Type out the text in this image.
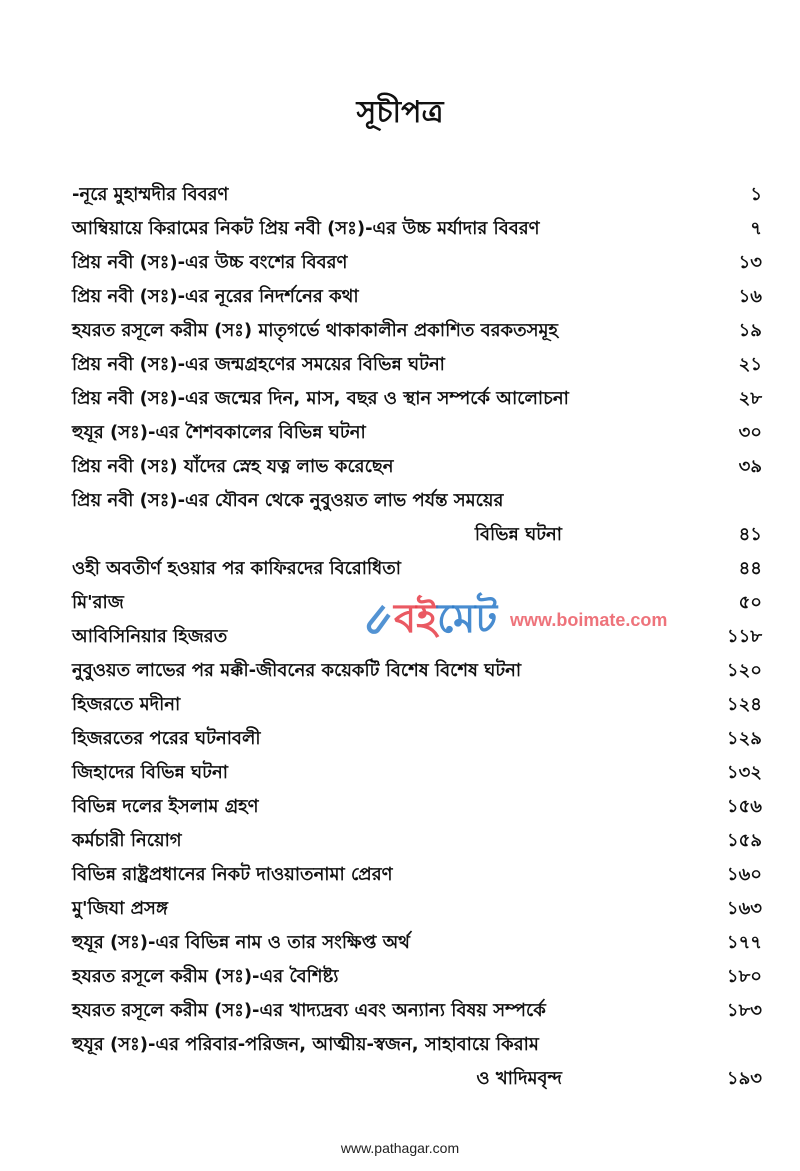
সূচীপত্র
-নূরে মুহাম্মদীর বিবরণ	১
আম্বিয়ায়ে কিরামের নিকট প্রিয় নবী (সঃ)-এর উচ্চ মর্যাদার বিবরণ	৭
প্রিয় নবী (সঃ)-এর উচ্চ বংশের বিবরণ	১৩
প্রিয় নবী (সঃ)-এর নূরের নিদর্শনের কথা	১৬
হযরত রসূলে করীম (সঃ) মাতৃগর্ভে থাকাকালীন প্রকাশিত বরকতসমূহ	১৯
প্রিয় নবী (সঃ)-এর জন্মগ্রহণের সময়ের বিভিন্ন ঘটনা	২১
প্রিয় নবী (সঃ)-এর জন্মের দিন, মাস, বছর ও স্থান সম্পর্কে আলোচনা	২৮
হুযূর (সঃ)-এর শৈশবকালের বিভিন্ন ঘটনা	৩০
প্রিয় নবী (সঃ) যাঁদের স্নেহ যত্ন লাভ করেছেন	৩৯
প্রিয় নবী (সঃ)-এর যৌবন থেকে নুবুওয়ত লাভ পর্যন্ত সময়ের
বিভিন্ন ঘটনা	৪১
ওহী অবতীর্ণ হওয়ার পর কাফিরদের বিরোধিতা	৪৪
মি'রাজ	৫০
আবিসিনিয়ার হিজরত	১১৮
নুবুওয়ত লাভের পর মক্কী-জীবনের কয়েকটি বিশেষ বিশেষ ঘটনা	১২০
হিজরতে মদীনা	১২৪
হিজরতের পরের ঘটনাবলী	১২৯
জিহাদের বিভিন্ন ঘটনা	১৩২
বিভিন্ন দলের ইসলাম গ্রহণ	১৫৬
কর্মচারী নিয়োগ	১৫৯
বিভিন্ন রাষ্ট্রপ্রধানের নিকট দাওয়াতনামা প্রেরণ	১৬০
মু'জিযা প্রসঙ্গ	১৬৩
হুযূর (সঃ)-এর বিভিন্ন নাম ও তার সংক্ষিপ্ত অর্থ	১৭৭
হযরত রসূলে করীম (সঃ)-এর বৈশিষ্ট্য	১৮০
হযরত রসূলে করীম (সঃ)-এর খাদ্যদ্রব্য এবং অন্যান্য বিষয় সম্পর্কে	১৮৩
হুযূর (সঃ)-এর পরিবার-পরিজন, আত্মীয়-স্বজন, সাহাবায়ে কিরাম
ও খাদিমবৃন্দ	১৯৩
বইমেট www.boimate.com
www.pathagar.com
